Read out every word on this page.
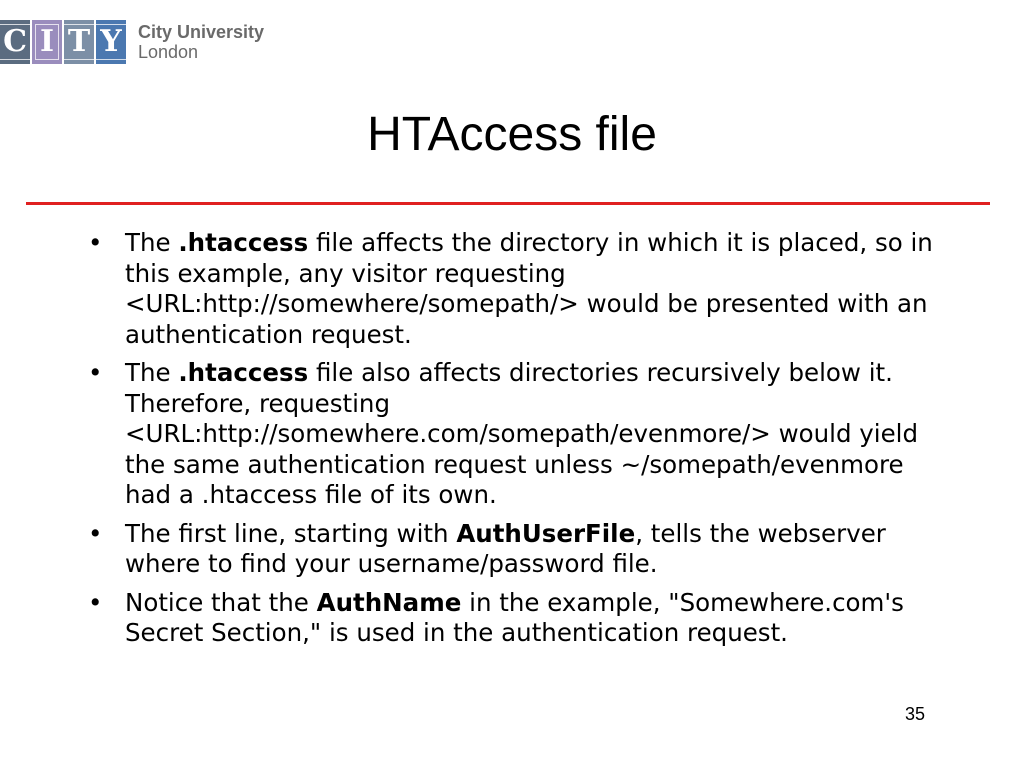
C I T Y City University
London
HTAccess file
• The .htaccess file affects the directory in which it is placed, so in this example, any visitor requesting <URL:http://somewhere/somepath/> would be presented with an authentication request.
• The .htaccess file also affects directories recursively below it. Therefore, requesting <URL:http://somewhere.com/somepath/evenmore/> would yield the same authentication request unless ~/somepath/evenmore had a .htaccess file of its own.
• The first line, starting with AuthUserFile, tells the webserver where to find your username/password file.
• Notice that the AuthName in the example, "Somewhere.com's Secret Section," is used in the authentication request.
35
